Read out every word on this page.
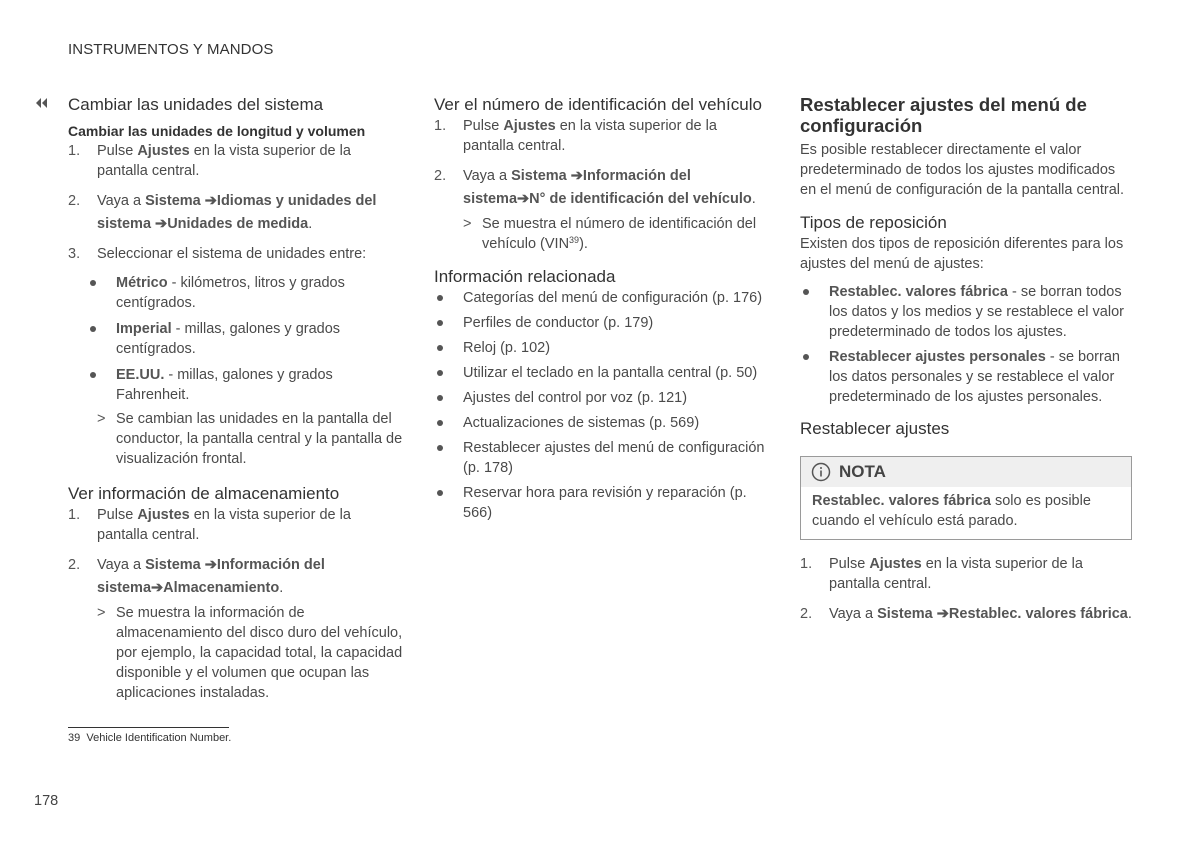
INSTRUMENTOS Y MANDOS
Cambiar las unidades del sistema
Cambiar las unidades de longitud y volumen
1. Pulse Ajustes en la vista superior de la pantalla central.
2. Vaya a Sistema ➔Idiomas y unidades del sistema ➔Unidades de medida.
3. Seleccionar el sistema de unidades entre:
Métrico - kilómetros, litros y grados centígrados.
Imperial - millas, galones y grados centígrados.
EE.UU. - millas, galones y grados Fahrenheit.
> Se cambian las unidades en la pantalla del conductor, la pantalla central y la pantalla de visualización frontal.
Ver información de almacenamiento
1. Pulse Ajustes en la vista superior de la pantalla central.
2. Vaya a Sistema ➔Información del sistema➔Almacenamiento.
> Se muestra la información de almacenamiento del disco duro del vehículo, por ejemplo, la capacidad total, la capacidad disponible y el volumen que ocupan las aplicaciones instaladas.
Ver el número de identificación del vehículo
1. Pulse Ajustes en la vista superior de la pantalla central.
2. Vaya a Sistema ➔Información del sistema➔N° de identificación del vehículo.
> Se muestra el número de identificación del vehículo (VIN$^{39}$).
Información relacionada
Categorías del menú de configuración (p. 176)
Perfiles de conductor (p. 179)
Reloj (p. 102)
Utilizar el teclado en la pantalla central (p. 50)
Ajustes del control por voz (p. 121)
Actualizaciones de sistemas (p. 569)
Restablecer ajustes del menú de configuración (p. 178)
Reservar hora para revisión y reparación (p. 566)
Restablecer ajustes del menú de configuración

Es posible restablecer directamente el valor predeterminado de todos los ajustes modificados en el menú de configuración de la pantalla central.

Tipos de reposición

Existen dos tipos de reposición diferentes para los ajustes del menú de ajustes:

Restablec. valores fábrica - se borran todos los datos y los medios y se restablece el valor predeterminado de todos los ajustes.
Restablecer ajustes personales - se borran los datos personales y se restablece el valor predeterminado de los ajustes personales.
Restablecer ajustes
NOTA
Restablec. valores fábrica solo es posible cuando el vehículo está parado.
1. Pulse Ajustes en la vista superior de la pantalla central.
2. Vaya a Sistema ➔Restablec. valores fábrica.
39 Vehicle Identification Number.
178
